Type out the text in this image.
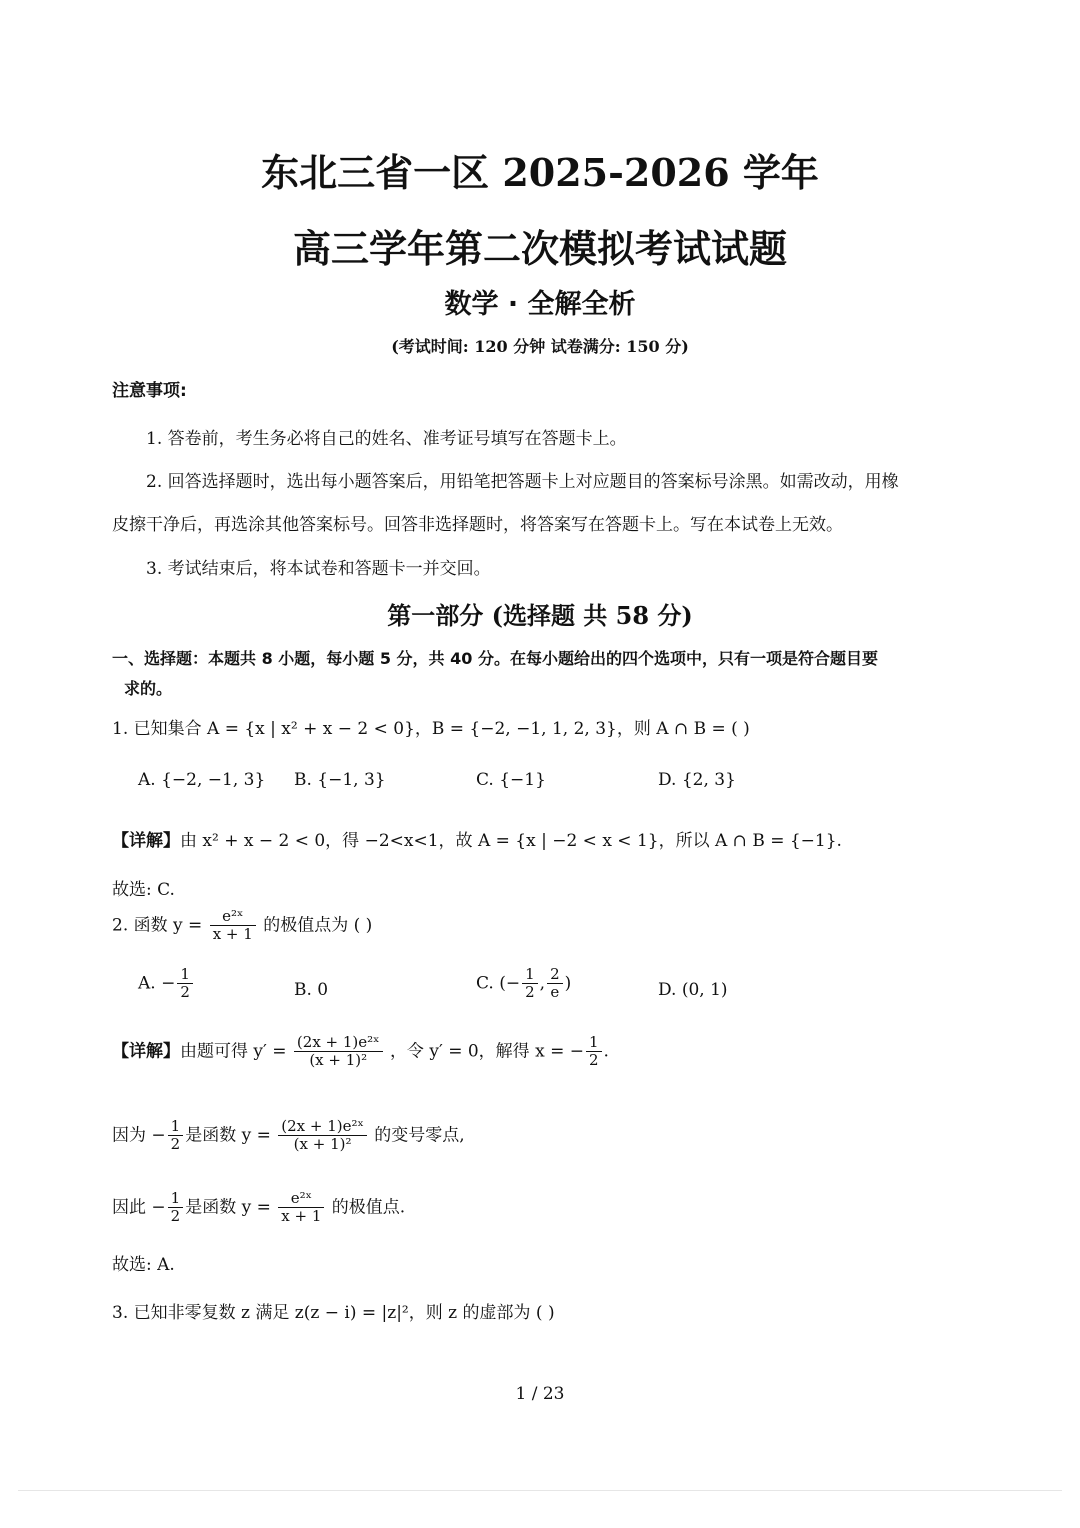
东北三省一区 2025-2026 学年
高三学年第二次模拟考试试题
数学 · 全解全析
(考试时间: 120 分钟 试卷满分: 150 分)
注意事项:
1. 答卷前，考生务必将自己的姓名、准考证号填写在答题卡上。
2. 回答选择题时，选出每小题答案后，用铅笔把答题卡上对应题目的答案标号涂黑。如需改动，用橡
皮擦干净后，再选涂其他答案标号。回答非选择题时，将答案写在答题卡上。写在本试卷上无效。
3. 考试结束后，将本试卷和答题卡一并交回。
第一部分 (选择题 共 58 分)
一、选择题：本题共 8 小题，每小题 5 分，共 40 分。在每小题给出的四个选项中，只有一项是符合题目要
求的。
1. 已知集合 A = {x | x² + x − 2 < 0}，B = {−2, −1, 1, 2, 3}，则 A ∩ B = ( )
A. {−2, −1, 3} B. {−1, 3}	C. {−1}	D. {2, 3}
【详解】由 x² + x − 2 < 0，得 −2<x<1，故 A = {x | −2 < x < 1}，所以 A ∩ B = {−1}.
故选: C.
2. 函数 $y = \frac{\text{e²ˣ}}{x + 1}$ 的极值点为 ( )
A. − $\frac{1}{2}$	B. 0	C. (− $\frac{1}{2}$ , $\frac{2}{e}$ )	D. (0, 1)
【详解】由题可得 $y' = \frac{\text{(2x + 1)e²ˣ}}{\text{(x + 1)²}}$ ，令 y′ = 0，解得 x = − $\frac{1}{2}$ .
因为 − $\frac{1}{2}$ 是函数 $y = \frac{\text{(2x + 1)e²ˣ}}{\text{(x + 1)²}}$ 的变号零点,
因此 − $\frac{1}{2}$ 是函数 $y = \frac{\text{e²ˣ}}{x + 1}$ 的极值点.
故选: A.
3. 已知非零复数 z 满足 z(z − i) = |z|²，则 z 的虚部为 ( )
1 / 23
